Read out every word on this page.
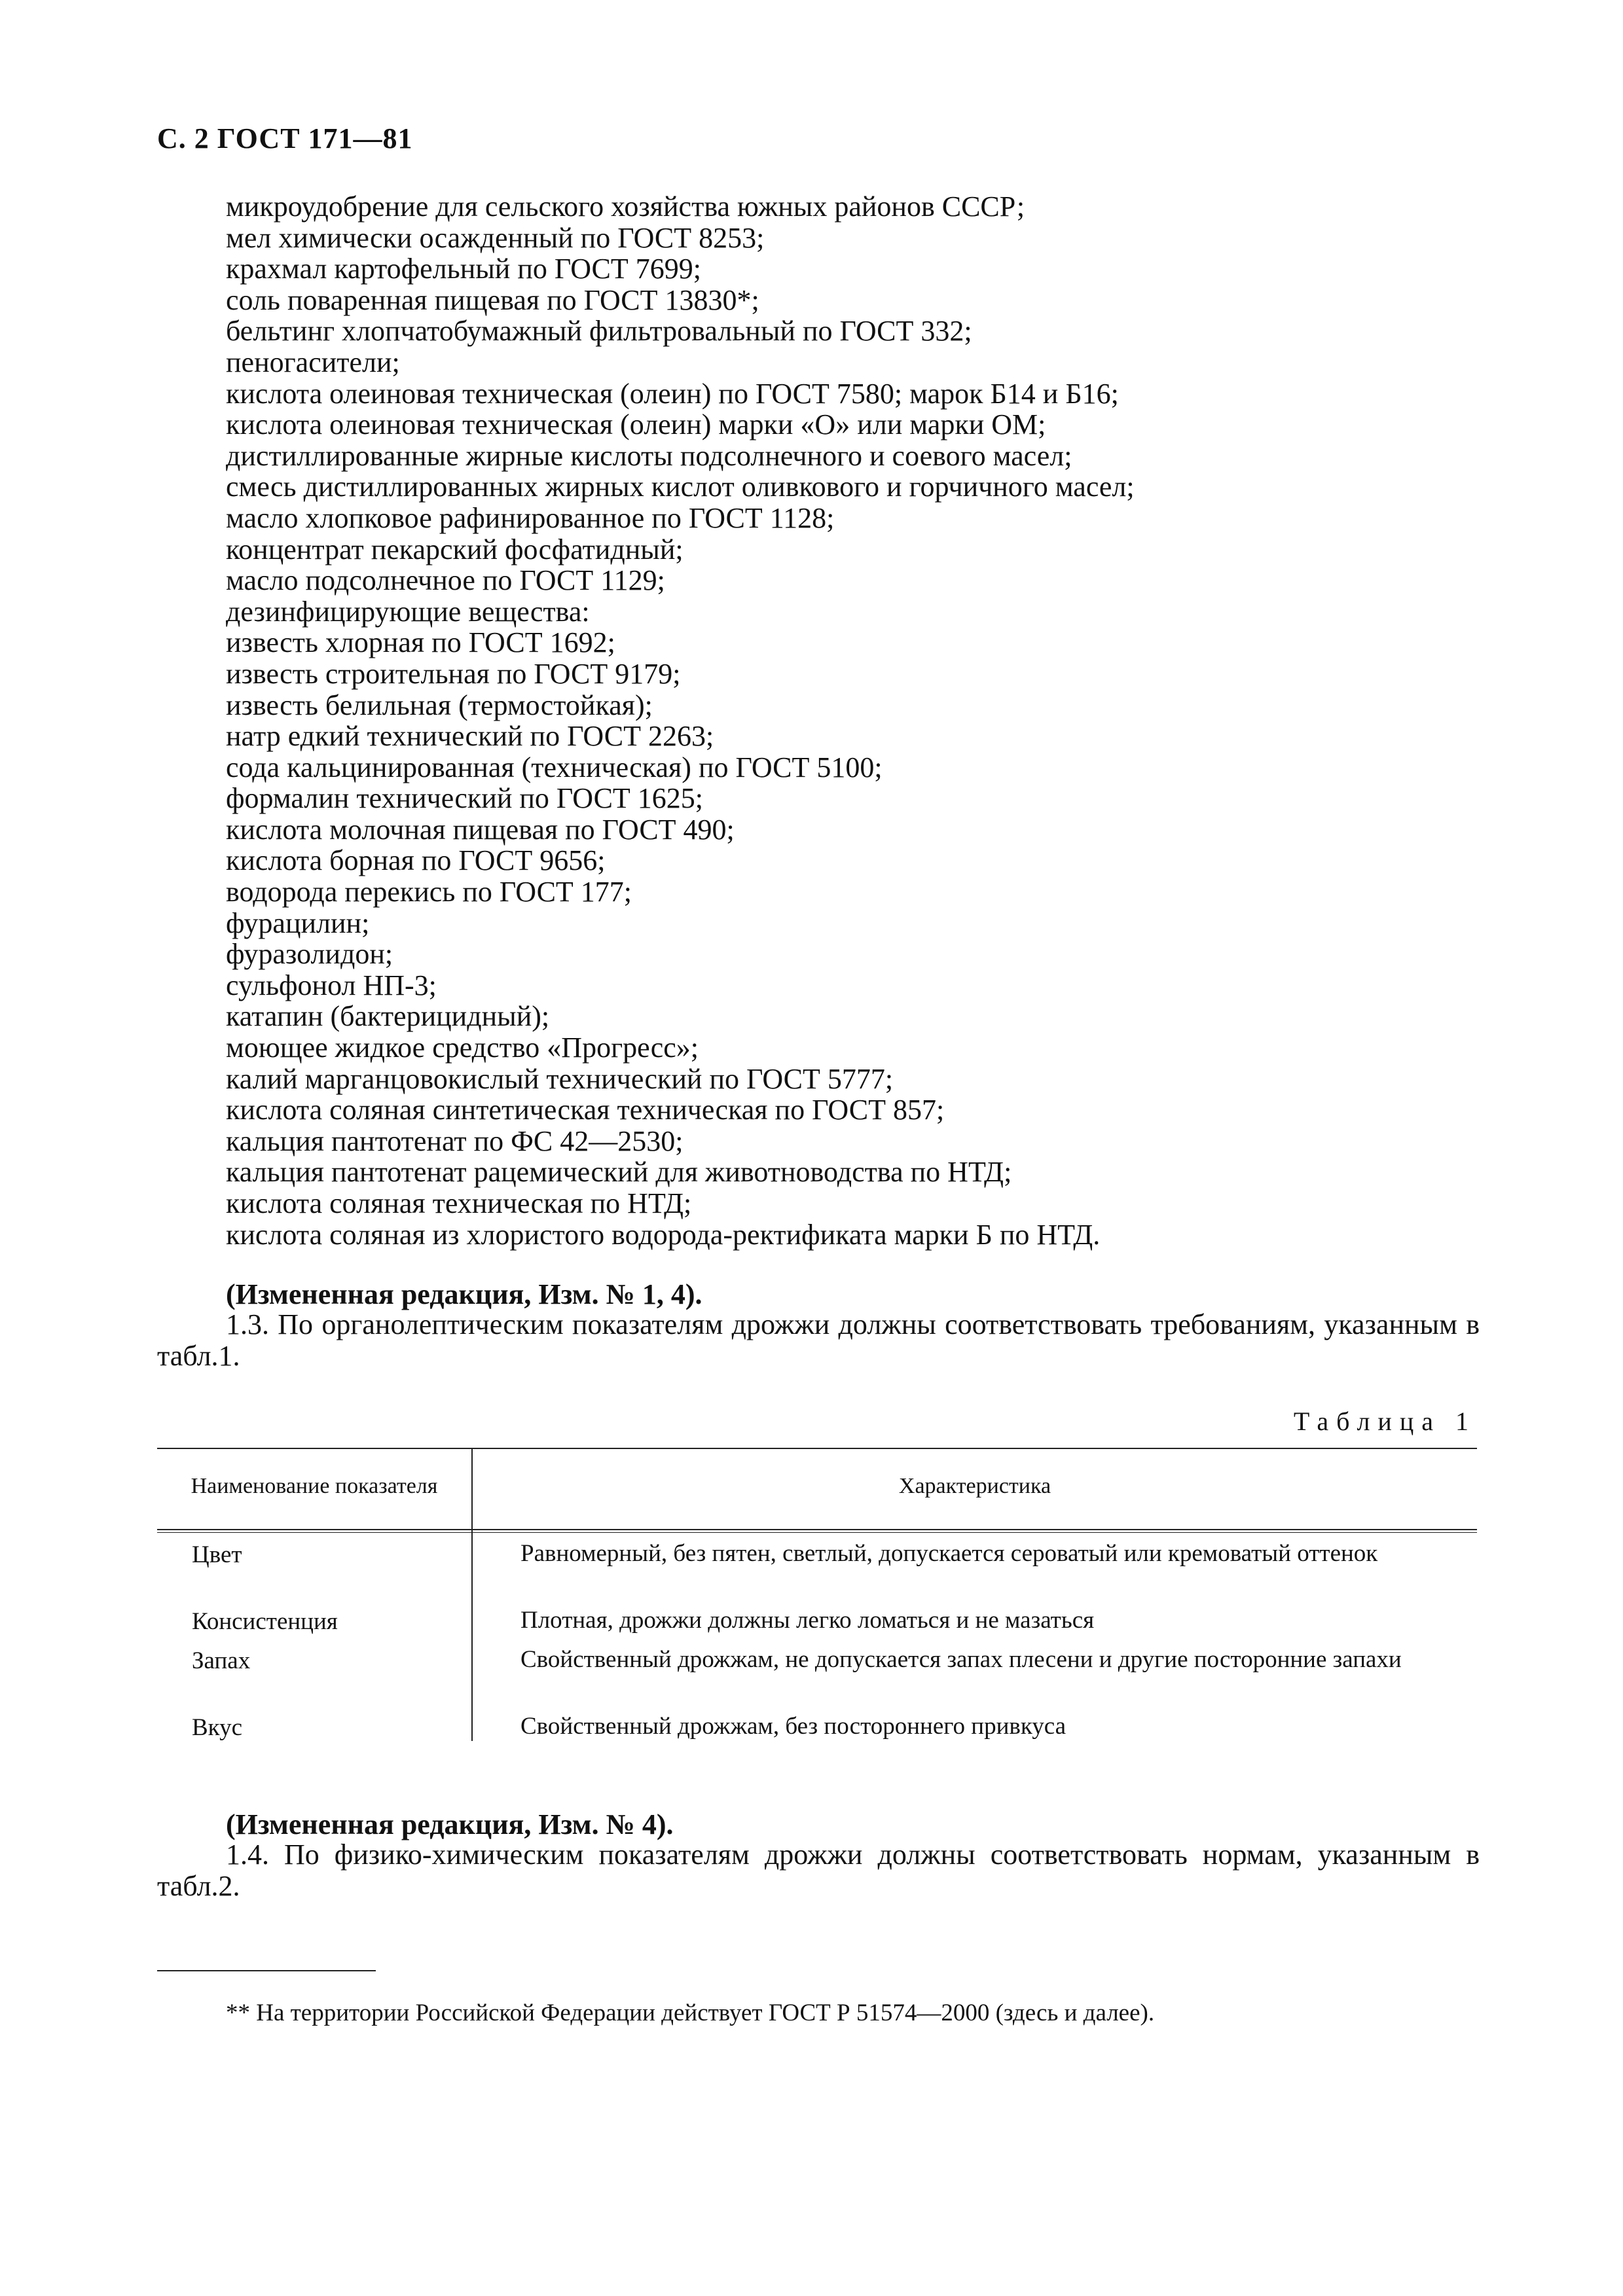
С. 2 ГОСТ 171—81
микроудобрение для сельского хозяйства южных районов СССР;
мел химически осажденный по ГОСТ 8253;
крахмал картофельный по ГОСТ 7699;
соль поваренная пищевая по ГОСТ 13830*;
бельтинг хлопчатобумажный фильтровальный по ГОСТ 332;
пеногасители;
кислота олеиновая техническая (олеин) по ГОСТ 7580; марок Б14 и Б16;
кислота олеиновая техническая (олеин) марки «О» или марки ОМ;
дистиллированные жирные кислоты подсолнечного и соевого масел;
смесь дистиллированных жирных кислот оливкового и горчичного масел;
масло хлопковое рафинированное по ГОСТ 1128;
концентрат пекарский фосфатидный;
масло подсолнечное по ГОСТ 1129;
дезинфицирующие вещества:
известь хлорная по ГОСТ 1692;
известь строительная по ГОСТ 9179;
известь белильная (термостойкая);
натр едкий технический по ГОСТ 2263;
сода кальцинированная (техническая) по ГОСТ 5100;
формалин технический по ГОСТ 1625;
кислота молочная пищевая по ГОСТ 490;
кислота борная по ГОСТ 9656;
водорода перекись по ГОСТ 177;
фурацилин;
фуразолидон;
сульфонол НП-3;
катапин (бактерицидный);
моющее жидкое средство «Прогресс»;
калий марганцовокислый технический по ГОСТ 5777;
кислота соляная синтетическая техническая по ГОСТ 857;
кальция пантотенат по ФС 42—2530;
кальция пантотенат рацемический для животноводства по НТД;
кислота соляная техническая по НТД;
кислота соляная из хлористого водорода-ректификата марки Б по НТД.
(Измененная редакция, Изм. № 1, 4).
1.3. По органолептическим показателям дрожжи должны соответствовать требованиям, указанным в табл.1.
Таблица 1
Наименование показателя	Характеристика
Цвет	Равномерный, без пятен, светлый, допускается сероватый или кремоватый оттенок
Консистенция	Плотная, дрожжи должны легко ломаться и не мазаться
Запах	Свойственный дрожжам, не допускается запах плесени и другие посторонние запахи
Вкус	Свойственный дрожжам, без постороннего привкуса
(Измененная редакция, Изм. № 4).
1.4. По физико-химическим показателям дрожжи должны соответствовать нормам, указанным в табл.2.
** На территории Российской Федерации действует ГОСТ Р 51574—2000 (здесь и далее).
